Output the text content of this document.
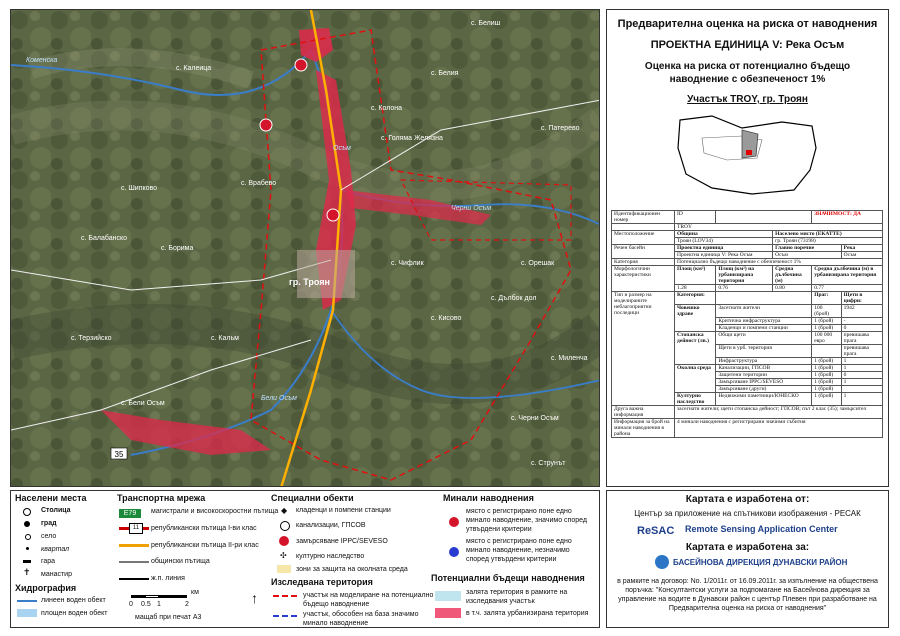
35
с. Калеица
гр. Троян
с. Балабанско
с. Борима
с. Бели Осъм
с. Орешак
с. Дълбок дол
с. Врабево
с. Голяма Желязна
с. Терзийско
с. Кисово
с. Белиш
с. Патерево
с. Белия
с. Колона
с. Шипково
с. Кальм
с. Чифлик
с. Черни Осъм
с. Миленча
с. Струнът
Коменска
Осъм
Черни Осъм
Бели Осъм
Предварителна оценка на риска от наводнения
ПРОЕКТНА ЕДИНИЦА V: Река Осъм
Оценка на риска от потенциално бъдещо наводнение с обезпеченост 1%
Участък TROY, гр. Троян
Идентификационен номер	ID			ЗНАЧИМОСТ: ДА	
	TROY				
Местоположение	Община		Населено място (ЕКАТТЕ)		
	Троян (LOV34)		гр. Троян (73198)		
Речен басейн	Проектна единица		Главно поречие		Река
	Проектна единица V: Река Осъм		Осъм		Осъм
Категория	Потенциално бъдещо наводнение с обезпеченост 1%				
Морфологични характеристики	Площ (км²)	Площ (км²) на урбанизирана територия	Средна дълбочина (м)	Средна дълбочина (м) в урбанизирана територия	
	1.28	0.76	0.80	0.77	
Тип и размер на моделираните неблагоприятни последици	Категория:			Праг:	Щети в цифри:
	Човешко здраве	Засегнати жители		100 (брой)	1942
		Критична инфраструктура		1 (брой)	-
		Кладенци и помпени станции		1 (брой)	0
	Стопанска дейност (лв.)	Общи щети		100 000 евро	превишава прага
		Щети в урб. територия			превишава прага
		Инфраструктура		1 (брой)	1
	Околна среда	Канализации, ГПСОВ		1 (брой)	1
		Защитени територии		1 (брой)	0
		Замърсяване IPPC/SEVESO		1 (брой)	1
		Замърсяване (други)		1 (брой)	
	Културно наследство	Недвижими паметници/ЮНЕСКО		1 (брой)	1
Друга важна информация	засегнати жители; щети стопанска дейност; ГПСОВ; път 2 клас (35); замърсител				
Информация за брой на минали наводнения в района	4 минали наводнения с регистрирани значими събития				
Населени места
Столица
град
село
квартал
гара
✝ манастир
Хидрография
линеен воден обект
площен воден обект
Транспортна мрежа
E79	магистрали и високоскоростни пътища
11	републикански пътища I-ви клас
републикански пътища II-ри клас
общински пътища
ж.п. линия
0 0.5 1	2
км
мащаб при печат A3
↑
Специални обекти
◆ кладенци и помпени станции
канализации, ГПСОВ
замърсяване IPPC/SEVESO
✣ културно наследство
зони за защита на околната среда
Изследвана територия
участък на моделиране на потенциално бъдещо наводнение
участък, обособен на база значимо минало наводнение
Минали наводнения
място с регистрирано поне едно минало наводнение, значимо според утвърдени критерии
място с регистрирано поне едно минало наводнение, незначимо според утвърдени критерии
Потенциални бъдещи наводнения
залята територия в рамките на изследвания участък
в т.ч. залята урбанизирана територия
Картата е изработена от:
Център за приложение на спътникови изображения - РЕСАК
ReSAC Remote Sensing Application Center
Картата е изработена за:
БАСЕЙНОВА ДИРЕКЦИЯ ДУНАВСКИ РАЙОН
в рамките на договор: No. 1/2011г. от 16.09.2011г. за изпълнение на обществена поръчка: "Консултантски услуги за подпомагане на Басейнова дирекция за управление на водите в Дунавски район с център Плевен при разработване на Предварителна оценка на риска от наводнения"
